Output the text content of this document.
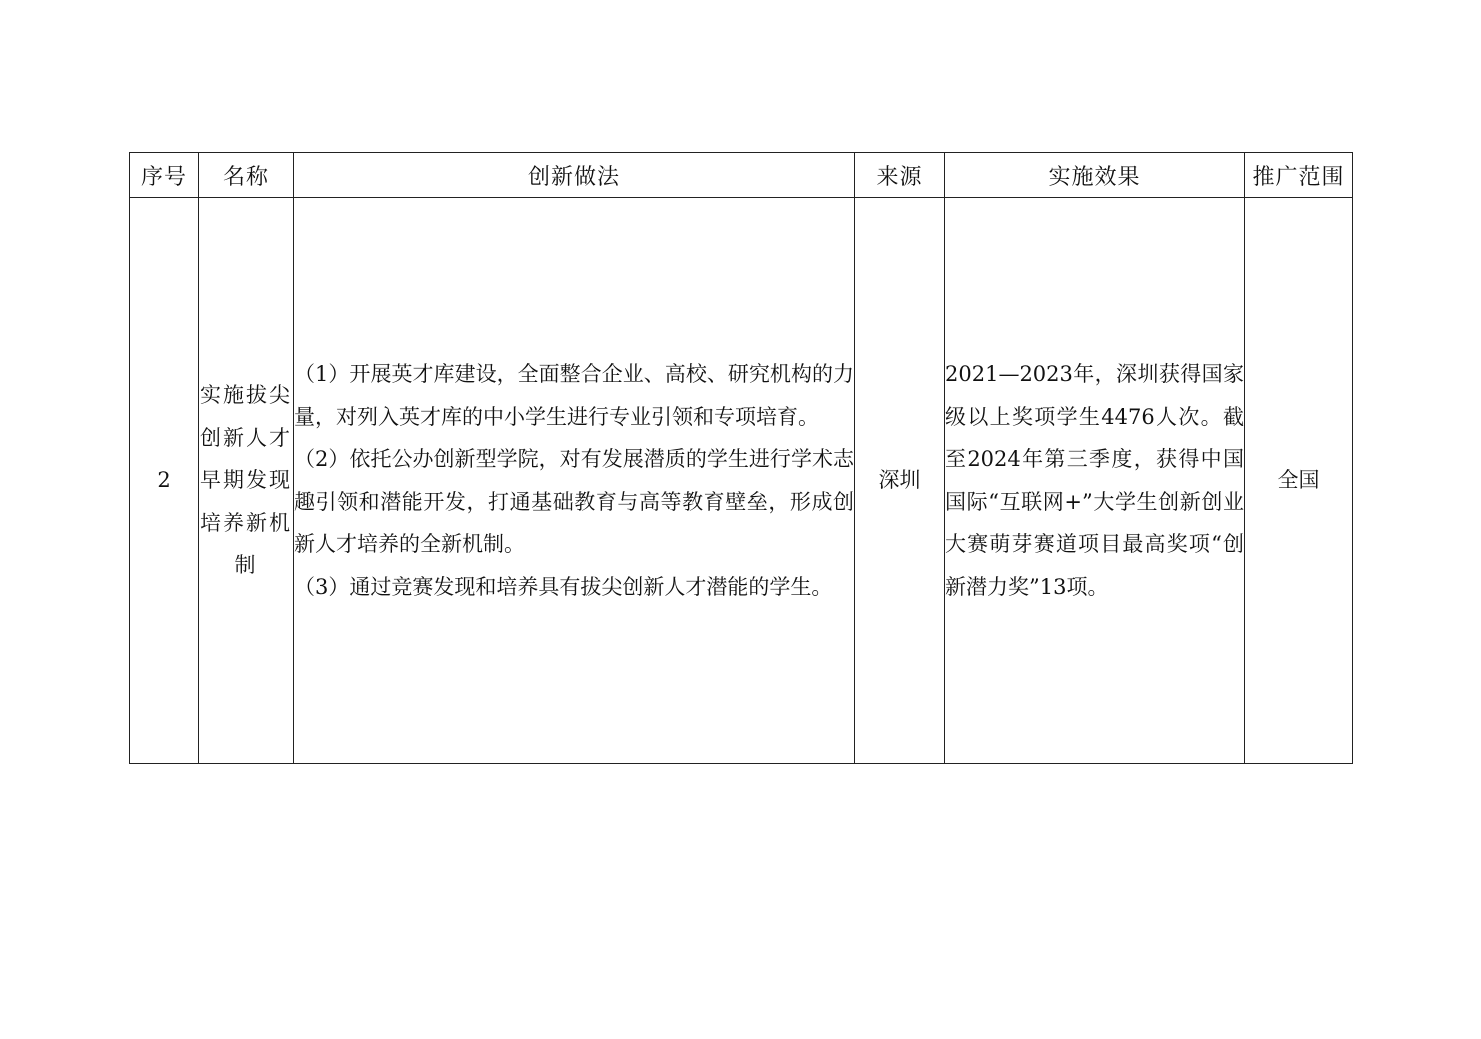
序号	名称	创新做法	来源	实施效果	推广范围
2	实施拔尖创新人才早期发现培养新机制	（1）开展英才库建设，全面整合企业、高校、研究机构的力量，对列入英才库的中小学生进行专业引领和专项培育。
（2）依托公办创新型学院，对有发展潜质的学生进行学术志趣引领和潜能开发，打通基础教育与高等教育壁垒，形成创新人才培养的全新机制。
（3）通过竞赛发现和培养具有拔尖创新人才潜能的学生。	深圳	2021—2023年，深圳获得国家级以上奖项学生4476人次。截至2024年第三季度，获得中国国际“互联网+”大学生创新创业大赛萌芽赛道项目最高奖项“创新潜力奖”13项。	全国
